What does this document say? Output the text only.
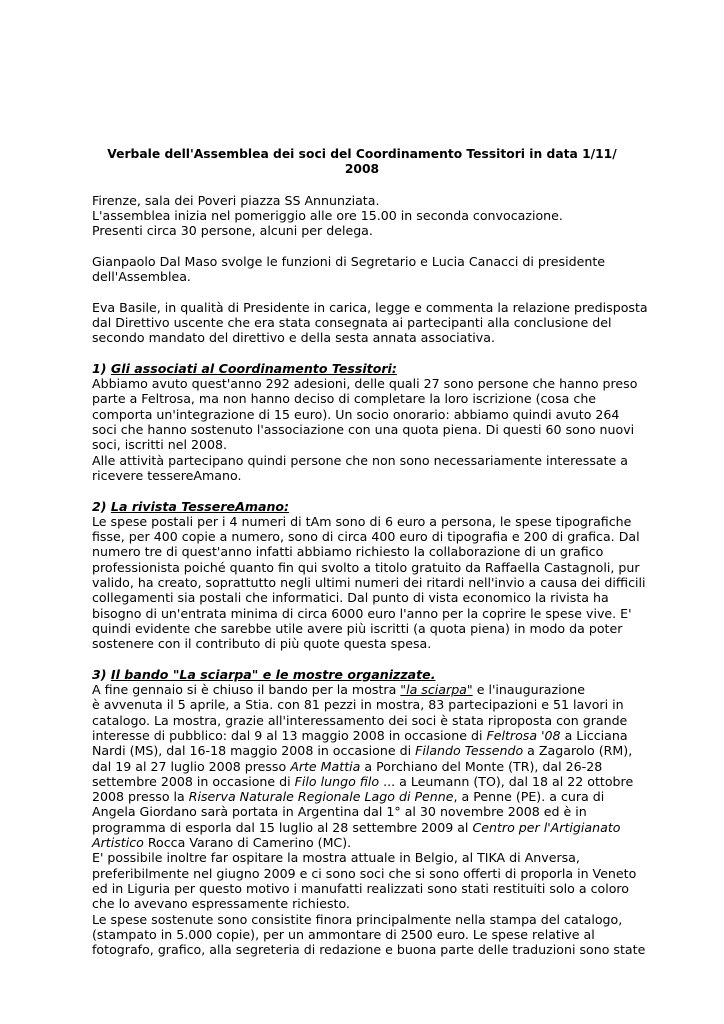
Verbale dell'Assemblea dei soci del Coordinamento Tessitori in data 1/11/ 2008

Firenze, sala dei Poveri piazza SS Annunziata.
L'assemblea inizia nel pomeriggio alle ore 15.00 in seconda convocazione.
Presenti circa 30 persone, alcuni per delega.

Gianpaolo Dal Maso svolge le funzioni di Segretario e Lucia Canacci di presidente
dell'Assemblea.

Eva Basile, in qualità di Presidente in carica, legge e commenta la relazione predisposta
dal Direttivo uscente che era stata consegnata ai partecipanti alla conclusione del
secondo mandato del direttivo e della sesta annata associativa.

1) Gli associati al Coordinamento Tessitori:
Abbiamo avuto quest'anno 292 adesioni, delle quali 27 sono persone che hanno preso
parte a Feltrosa, ma non hanno deciso di completare la loro iscrizione (cosa che
comporta un'integrazione di 15 euro). Un socio onorario: abbiamo quindi avuto 264
soci che hanno sostenuto l'associazione con una quota piena. Di questi 60 sono nuovi
soci, iscritti nel 2008.
Alle attività partecipano quindi persone che non sono necessariamente interessate a
ricevere tessereAmano.

2) La rivista TessereAmano:
Le spese postali per i 4 numeri di tAm sono di 6 euro a persona, le spese tipografiche
fisse, per 400 copie a numero, sono di circa 400 euro di tipografia e 200 di grafica. Dal
numero tre di quest'anno infatti abbiamo richiesto la collaborazione di un grafico
professionista poiché quanto fin qui svolto a titolo gratuito da Raffaella Castagnoli, pur
valido, ha creato, soprattutto negli ultimi numeri dei ritardi nell'invio a causa dei difficili
collegamenti sia postali che informatici. Dal punto di vista economico la rivista ha
bisogno di un'entrata minima di circa 6000 euro l'anno per la coprire le spese vive. E'
quindi evidente che sarebbe utile avere più iscritti (a quota piena) in modo da poter
sostenere con il contributo di più quote questa spesa.

3) Il bando "La sciarpa" e le mostre organizzate.
A fine gennaio si è chiuso il bando per la mostra "la sciarpa" e l'inaugurazione
è avvenuta il 5 aprile, a Stia. con 81 pezzi in mostra, 83 partecipazioni e 51 lavori in
catalogo. La mostra, grazie all'interessamento dei soci è stata riproposta con grande
interesse di pubblico: dal 9 al 13 maggio 2008 in occasione di Feltrosa '08 a Licciana
Nardi (MS), dal 16-18 maggio 2008 in occasione di Filando Tessendo a Zagarolo (RM),
dal 19 al 27 luglio 2008 presso Arte Mattia a Porchiano del Monte (TR), dal 26-28
settembre 2008 in occasione di Filo lungo filo ... a Leumann (TO), dal 18 al 22 ottobre
2008 presso la Riserva Naturale Regionale Lago di Penne, a Penne (PE). a cura di
Angela Giordano sarà portata in Argentina dal 1° al 30 novembre 2008 ed è in
programma di esporla dal 15 luglio al 28 settembre 2009 al Centro per l'Artigianato
Artistico Rocca Varano di Camerino (MC).
E' possibile inoltre far ospitare la mostra attuale in Belgio, al TIKA di Anversa,
preferibilmente nel giugno 2009 e ci sono soci che si sono offerti di proporla in Veneto
ed in Liguria per questo motivo i manufatti realizzati sono stati restituiti solo a coloro
che lo avevano espressamente richiesto.
Le spese sostenute sono consistite finora principalmente nella stampa del catalogo,
(stampato in 5.000 copie), per un ammontare di 2500 euro. Le spese relative al
fotografo, grafico, alla segreteria di redazione e buona parte delle traduzioni sono state
